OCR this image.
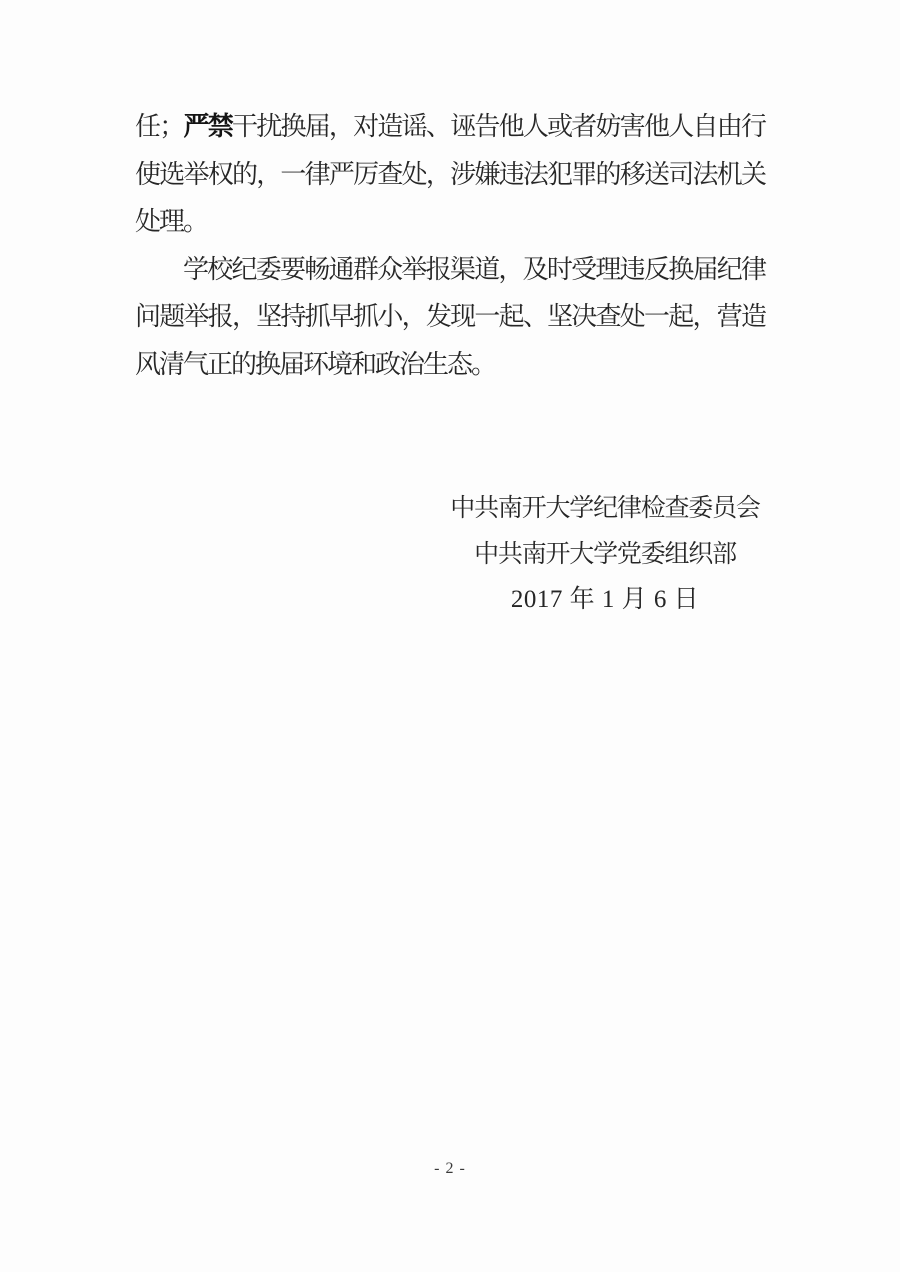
任；严禁干扰换届，对造谣、诬告他人或者妨害他人自由行
使选举权的，一律严厉查处，涉嫌违法犯罪的移送司法机关
处理。
学校纪委要畅通群众举报渠道，及时受理违反换届纪律
问题举报，坚持抓早抓小，发现一起、坚决查处一起，营造
风清气正的换届环境和政治生态。
中共南开大学纪律检查委员会
中共南开大学党委组织部
2017 年 1 月 6 日
- 2 -
